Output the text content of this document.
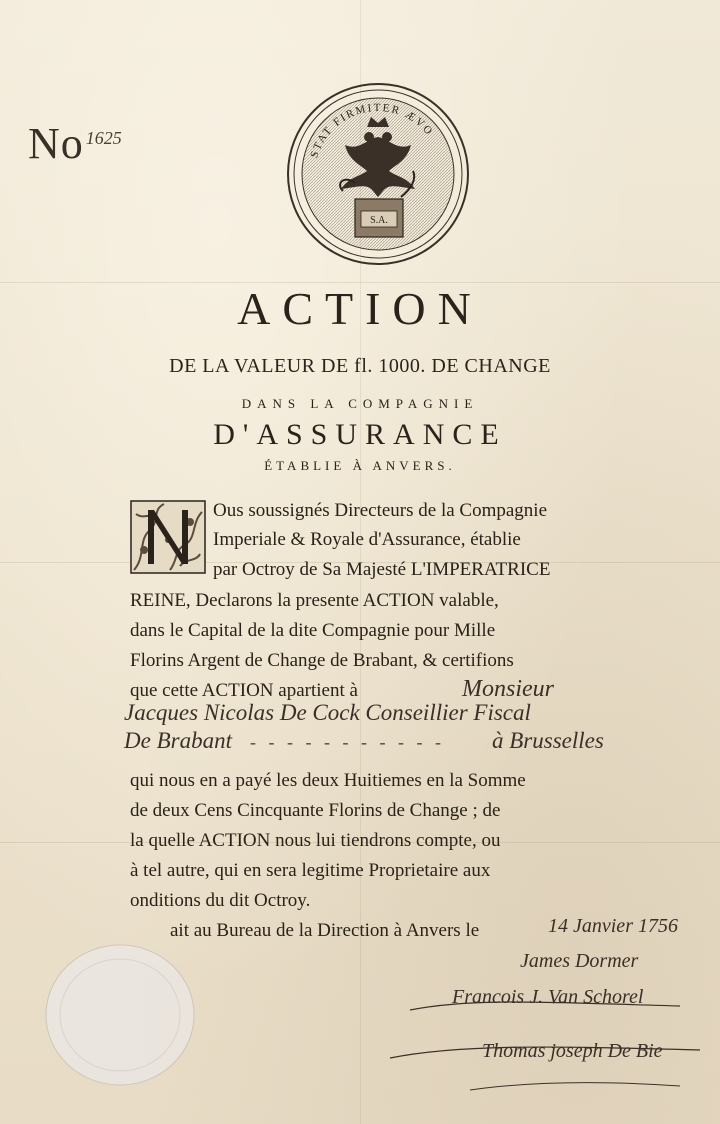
No 1625
STAT FIRMITER ÆVO
S.A.
ACTION
DE LA VALEUR DE fl. 1000. DE CHANGE
DANS LA COMPAGNIE
D'ASSURANCE
ÉTABLIE À ANVERS.
Ous soussignés Directeurs de la Compagnie
Imperiale & Royale d'Assurance, établie
par Octroy de Sa Majesté L'IMPERATRICE
REINE, Declarons la presente ACTION valable,
dans le Capital de la dite Compagnie pour Mille
Florins Argent de Change de Brabant, & certifions
que cette ACTION apartient à	Monsieur
Jacques Nicolas De Cock Conseillier Fiscal
De Brabant - - - - - - - - - - - à Brusselles
qui nous en a payé les deux Huitiemes en la Somme
de deux Cens Cincquante Florins de Change ; de
la quelle ACTION nous lui tiendrons compte, ou
à tel autre, qui en sera legitime Proprietaire aux
onditions du dit Octroy.
ait au Bureau de la Direction à Anvers le	14 Janvier 1756
James Dormer
Francois J. Van Schorel
Thomas joseph De Bie
